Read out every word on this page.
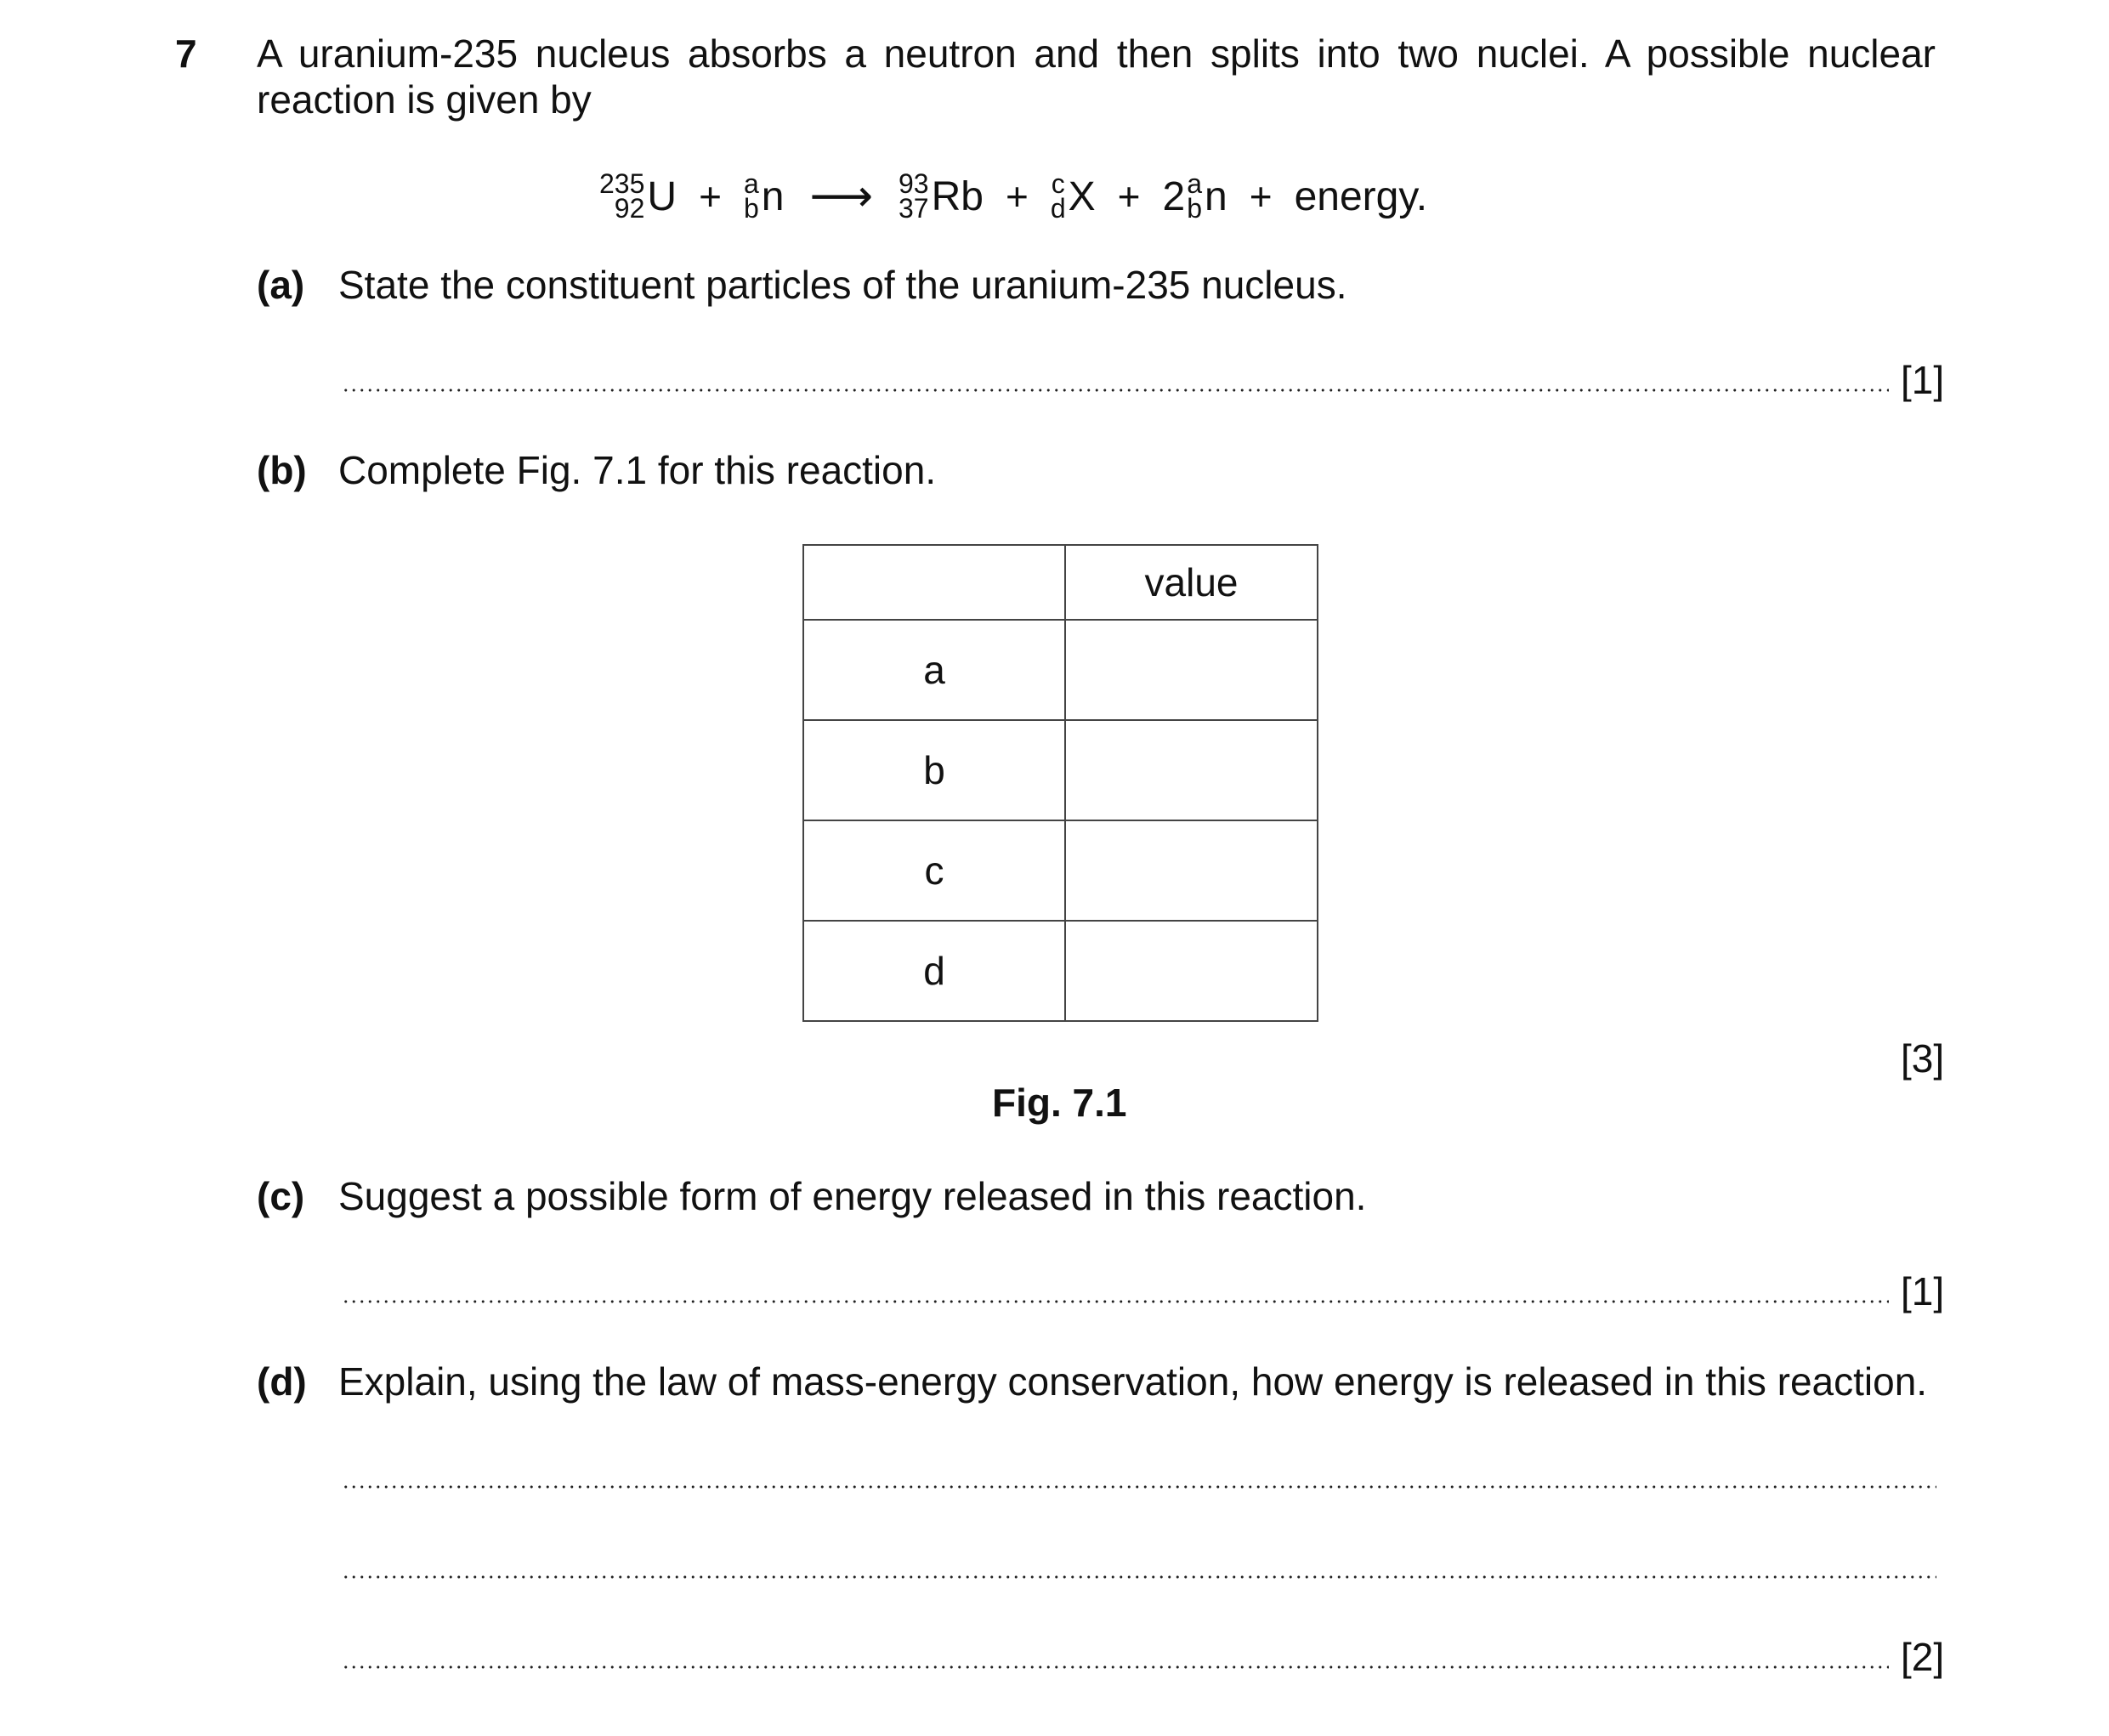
7 A uranium-235 nucleus absorbs a neutron and then splits into two nuclei. A possible nuclear reaction is given by
235
92 U + a
b n ⟶ 93
37 Rb + c
d X + 2 a
b n + energy.
(a) State the constituent particles of the uranium-235 nucleus.
[1]
(b) Complete Fig. 7.1 for this reaction.
	value
a	
b	
c	
d	
[3]
Fig. 7.1
(c) Suggest a possible form of energy released in this reaction.
[1]
(d) Explain, using the law of mass-energy conservation, how energy is released in this reaction.
[2]
